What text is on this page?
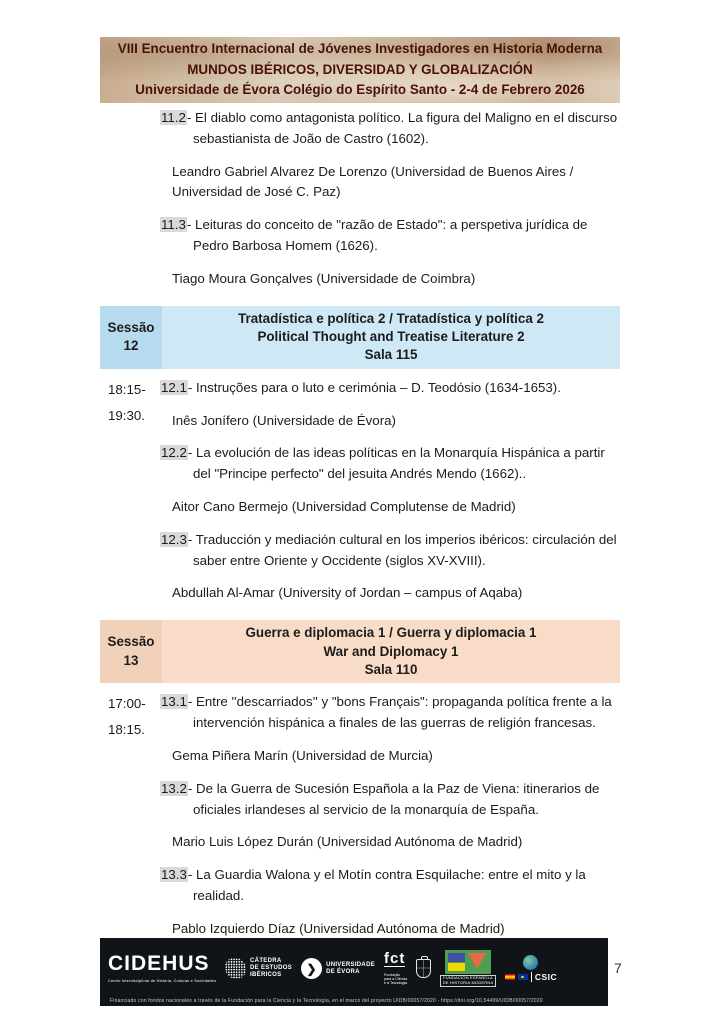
VIII Encuentro Internacional de Jóvenes Investigadores en Historia Moderna
MUNDOS IBÉRICOS, DIVERSIDAD Y GLOBALIZACIÓN
Universidade de Évora Colégio do Espírito Santo - 2-4 de Febrero 2026

11.2- El diablo como antagonista político. La figura del Maligno en el discurso sebastianista de João de Castro (1602).

Leandro Gabriel Alvarez De Lorenzo (Universidad de Buenos Aires / Universidad de José C. Paz)

11.3- Leituras do conceito de "razão de Estado": a perspetiva jurídica de Pedro Barbosa Homem (1626).

Tiago Moura Gonçalves (Universidade de Coimbra)

Sessão
12
Tratadística e política 2 / Tratadística y política 2
Political Thought and Treatise Literature 2
Sala 115
18:15-
19:30.

12.1- Instruções para o luto e cerimónia – D. Teodósio (1634-1653).

Inês Jonífero (Universidade de Évora)

12.2- La evolución de las ideas políticas en la Monarquía Hispánica a partir del "Principe perfecto" del jesuita Andrés Mendo (1662)..

Aitor Cano Bermejo (Universidad Complutense de Madrid)

12.3- Traducción y mediación cultural en los imperios ibéricos: circulación del saber entre Oriente y Occidente (siglos XV-XVIII).

Abdullah Al-Amar (University of Jordan – campus of Aqaba)

Sessão
13
Guerra e diplomacia 1 / Guerra y diplomacia 1
War and Diplomacy 1
Sala 110
17:00-
18:15.

13.1- Entre ''descarriados'' y "bons Français": propaganda política frente a la intervención hispánica a finales de las guerras de religión francesas.

Gema Piñera Marín (Universidad de Murcia)

13.2- De la Guerra de Sucesión Española a la Paz de Viena: itinerarios de oficiales irlandeses al servicio de la monarquía de España.

Mario Luis López Durán (Universidad Autónoma de Madrid)

13.3- La Guardia Walona y el Motín contra Esquilache: entre el mito y la realidad.

Pablo Izquierdo Díaz (Universidad Autónoma de Madrid)

CIDEHUS
Centro Interdisciplinar de História, Culturas e Sociedades
CÁTEDRA
DE ESTUDOS
IBÉRICOS	❯	UNIVERSIDADE
DE ÉVORA
fct
Fundação
para a Ciência
e a Tecnologia
FUNDACIÓN ESPAÑOLA
DE HISTORIA MODERNA
CSIC
Financiado con fondos nacionales a través de la Fundación para la Ciencia y la Tecnología, en el marco del proyecto UIDB/00057/2020 - https://doi.org/10.54499/UIDB/00057/2020
7
